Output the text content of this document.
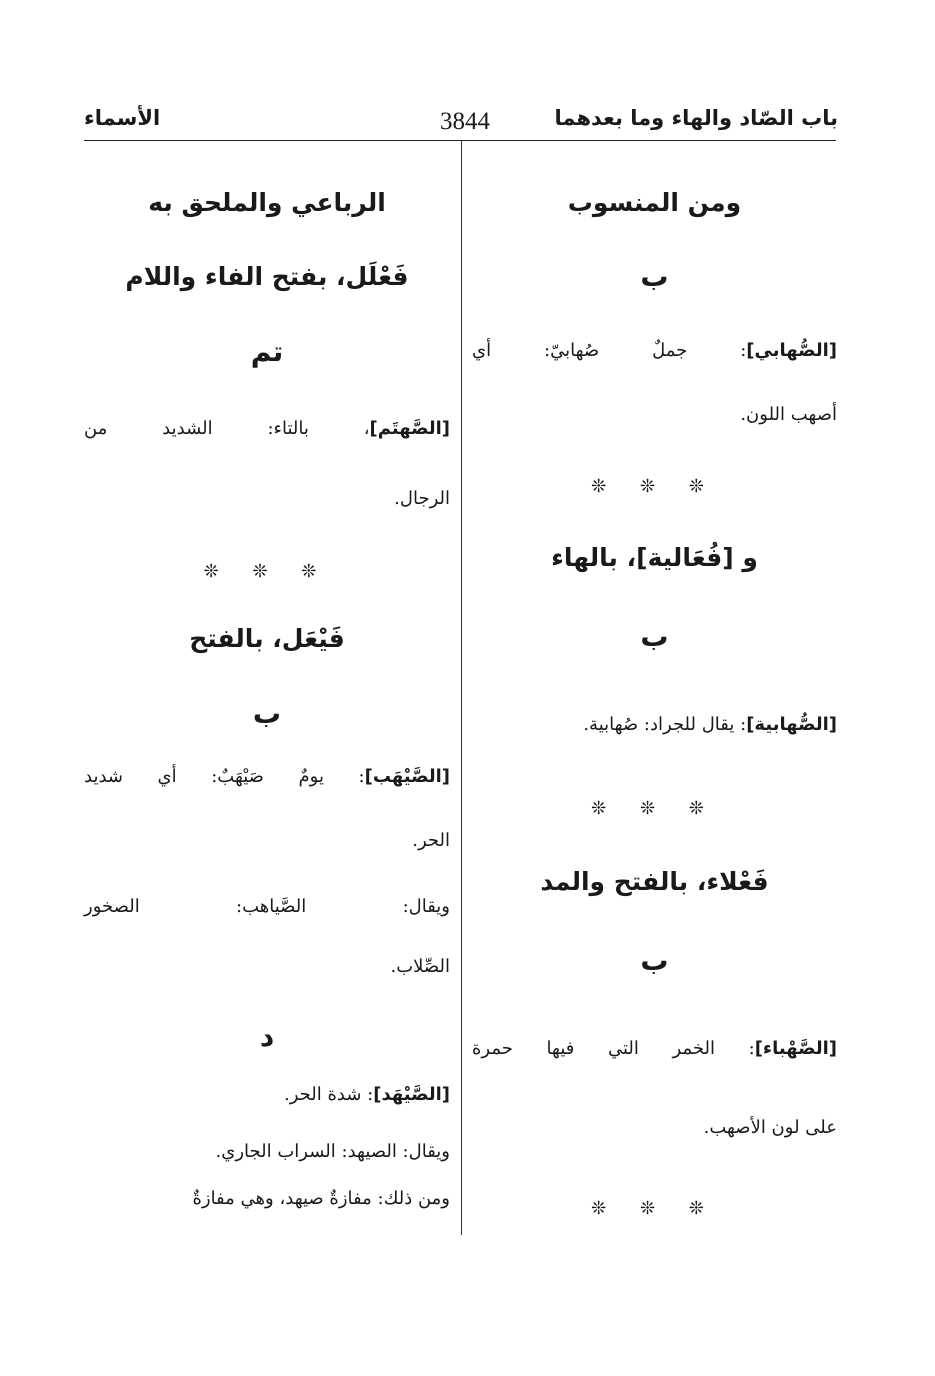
باب الصّاد والهاء وما بعدهما
3844
الأسماء
ومن المنسوب
ب
[الصُّهابي]: جملٌ صُهابيّ: أي
أصهب اللون.
❊ ❊ ❊
و [فُعَالية]، بالهاء
ب
[الصُّهابية]: يقال للجراد: صُهابية.
❊ ❊ ❊
فَعْلاء، بالفتح والمد
ب
[الصَّهْباء]: الخمر التي فيها حمرة
على لون الأصهب.
❊ ❊ ❊
الرباعي والملحق به
فَعْلَل، بفتح الفاء واللام
تم
[الصَّهتَم]، بالتاء: الشديد من
الرجال.
❊ ❊ ❊
فَيْعَل، بالفتح
ب
[الصَّيْهَب]: يومٌ صَيْهَبٌ: أي شديد
الحر.
ويقال: الصَّياهب: الصخور
الصِّلاب.
د
[الصَّيْهَد]: شدة الحر.
ويقال: الصيهد: السراب الجاري.
ومن ذلك: مفازةٌ صيهد، وهي مفازةٌ
